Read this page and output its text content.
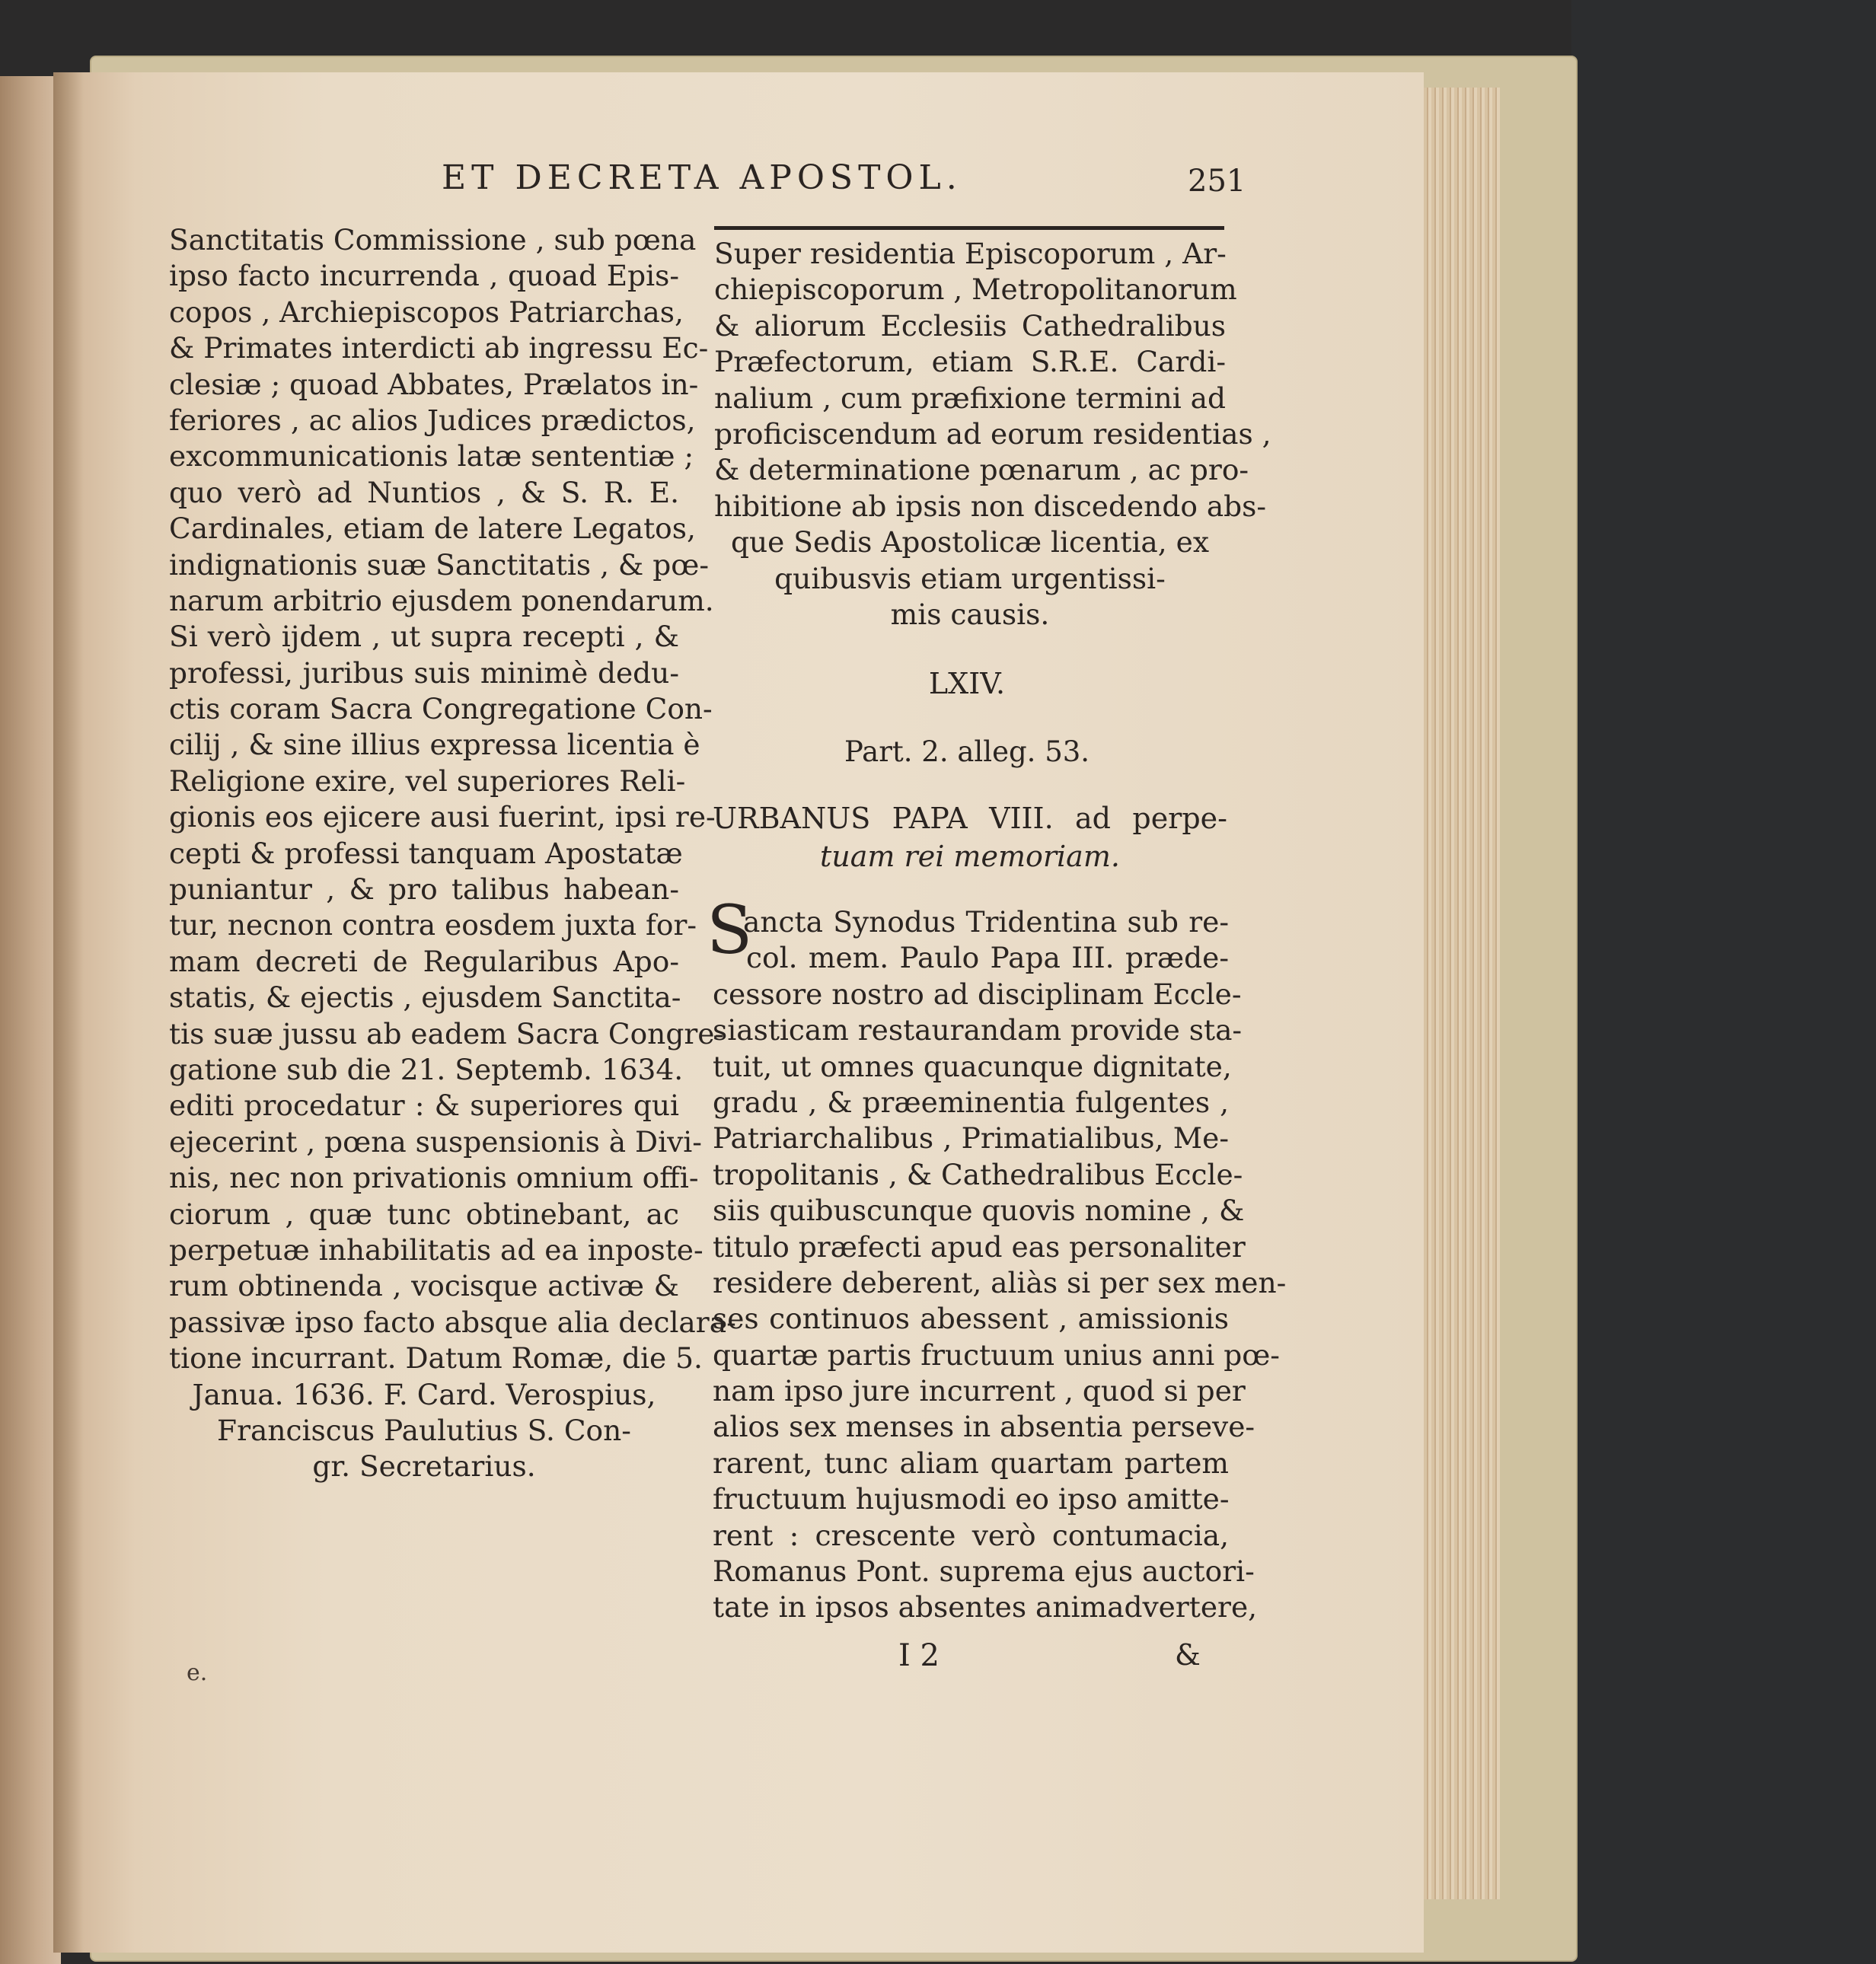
ET DECRETA APOSTOL.	251
Sanctitatis Commissione , sub pœna
ipso facto incurrenda , quoad Epis-
copos , Archiepiscopos Patriarchas,
& Primates interdicti ab ingressu Ec-
clesiæ ; quoad Abbates, Prælatos in-
feriores , ac alios Judices prædictos,
excommunicationis latæ sententiæ ;
quo verò ad Nuntios , & S. R. E.
Cardinales, etiam de latere Legatos,
indignationis suæ Sanctitatis , & pœ-
narum arbitrio ejusdem ponendarum.
Si verò ijdem , ut supra recepti , &
professi, juribus suis minimè dedu-
ctis coram Sacra Congregatione Con-
cilij , & sine illius expressa licentia è
Religione exire, vel superiores Reli-
gionis eos ejicere ausi fuerint, ipsi re-
cepti & professi tanquam Apostatæ
puniantur , & pro talibus habean-
tur, necnon contra eosdem juxta for-
mam decreti de Regularibus Apo-
statis, & ejectis , ejusdem Sanctita-
tis suæ jussu ab eadem Sacra Congre-
gatione sub die 21. Septemb. 1634.
editi procedatur : & superiores qui
ejecerint , pœna suspensionis à Divi-
nis, nec non privationis omnium offi-
ciorum , quæ tunc obtinebant, ac
perpetuæ inhabilitatis ad ea inposte-
rum obtinenda , vocisque activæ &
passivæ ipso facto absque alia declara-
tione incurrant. Datum Romæ, die 5.
Janua. 1636. F. Card. Verospius,
Franciscus Paulutius S. Con-
gr. Secretarius.
Super residentia Episcoporum , Ar-
chiepiscoporum , Metropolitanorum
& aliorum Ecclesiis Cathedralibus
Præfectorum, etiam S.R.E. Cardi-
nalium , cum præfixione termini ad
proficiscendum ad eorum residentias ,
& determinatione pœnarum , ac pro-
hibitione ab ipsis non discedendo abs-
que Sedis Apostolicæ licentia, ex
quibusvis etiam urgentissi-
mis causis.
LXIV.
Part. 2. alleg. 53.
URBANUS PAPA VIII. ad perpe-
tuam rei memoriam.
S
ancta Synodus Tridentina sub re-
col. mem. Paulo Papa III. præde-
cessore nostro ad disciplinam Eccle-
siasticam restaurandam provide sta-
tuit, ut omnes quacunque dignitate,
gradu , & præeminentia fulgentes ,
Patriarchalibus , Primatialibus, Me-
tropolitanis , & Cathedralibus Eccle-
siis quibuscunque quovis nomine , &
titulo præfecti apud eas personaliter
residere deberent, aliàs si per sex men-
ses continuos abessent , amissionis
quartæ partis fructuum unius anni pœ-
nam ipso jure incurrent , quod si per
alios sex menses in absentia perseve-
rarent, tunc aliam quartam partem
fructuum hujusmodi eo ipso amitte-
rent : crescente verò contumacia,
Romanus Pont. suprema ejus auctori-
tate in ipsos absentes animadvertere,
I 2	&
e.
